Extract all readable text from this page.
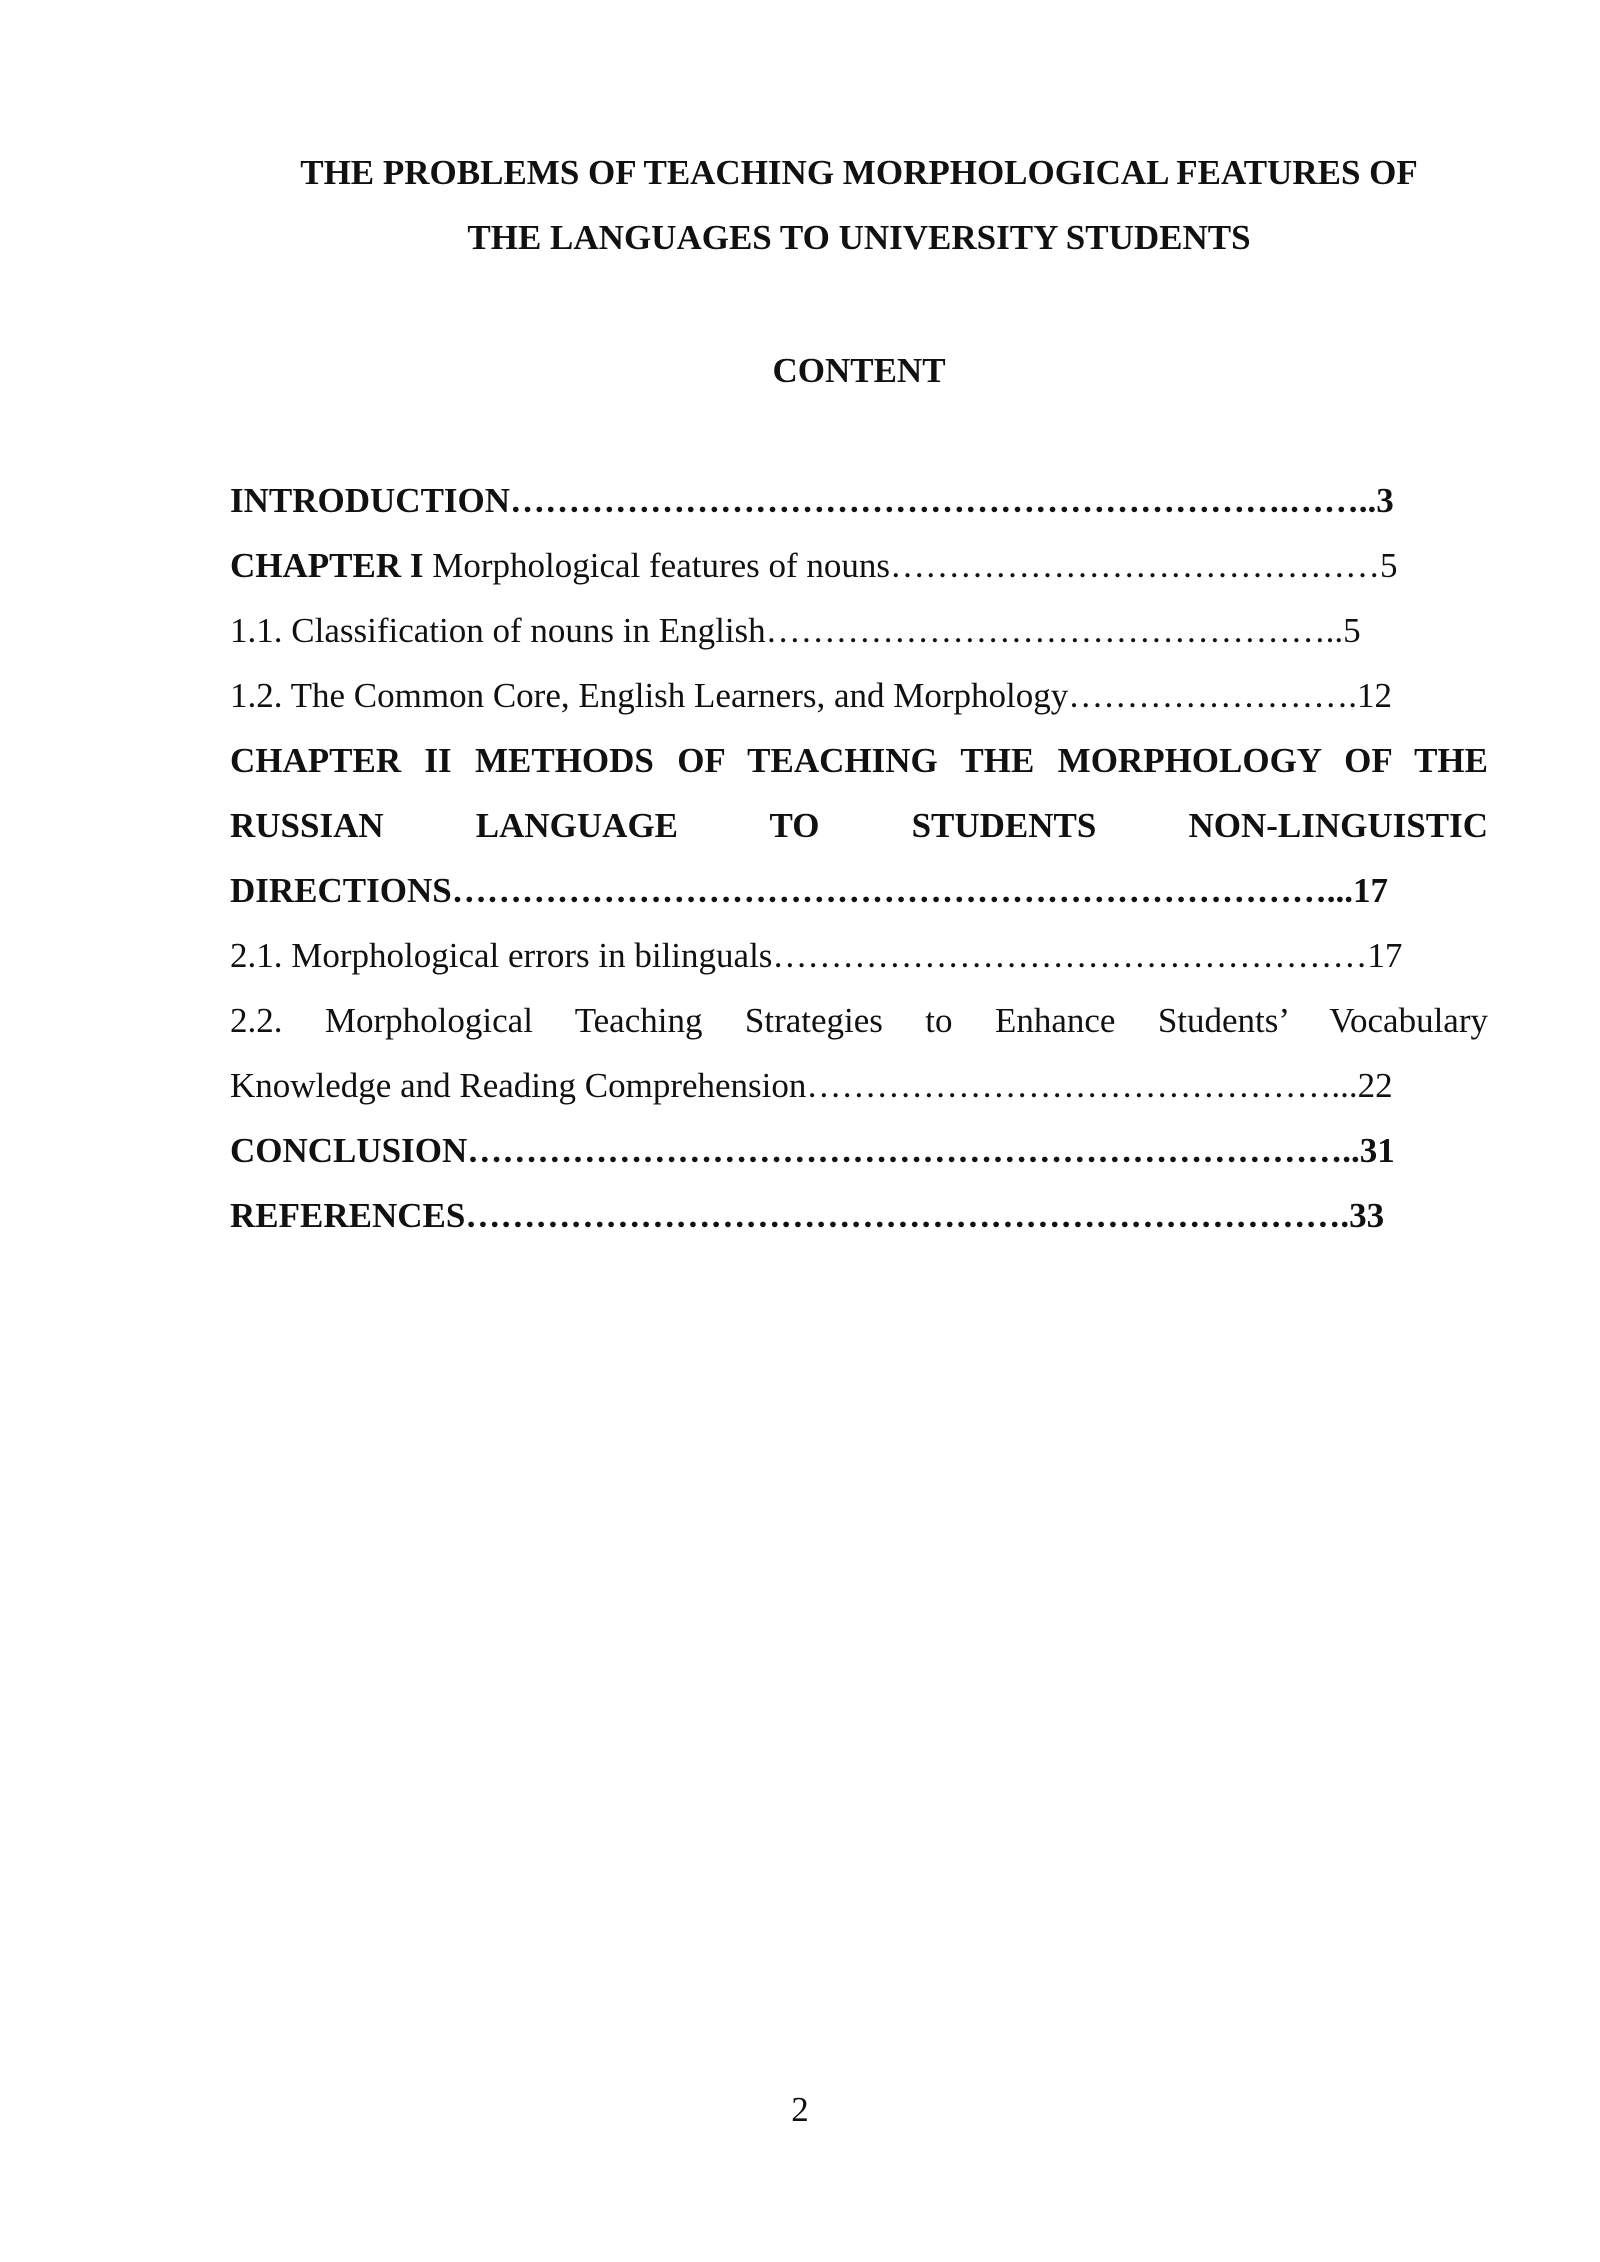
THE PROBLEMS OF TEACHING MORPHOLOGICAL FEATURES OF
THE LANGUAGES TO UNIVERSITY STUDENTS
CONTENT
INTRODUCTION………………………………………………………….……..3
CHAPTER I Morphological features of nouns……………………………………5
1.1. Classification of nouns in English…………………………………………..5
1.2. The Common Core, English Learners, and Morphology…………………….12
CHAPTER II METHODS OF TEACHING THE MORPHOLOGY OF THE
RUSSIAN LANGUAGE TO STUDENTS NON-LINGUISTIC
DIRECTIONS…………………………………………………………………...17
2.1. Morphological errors in bilinguals……………………………………………17
2.2. Morphological Teaching Strategies to Enhance Students’ Vocabulary
Knowledge and Reading Comprehension………………………………………...22
CONCLUSION…………………………………………………………………..31
REFERENCES………………………………………………………………….33
2
